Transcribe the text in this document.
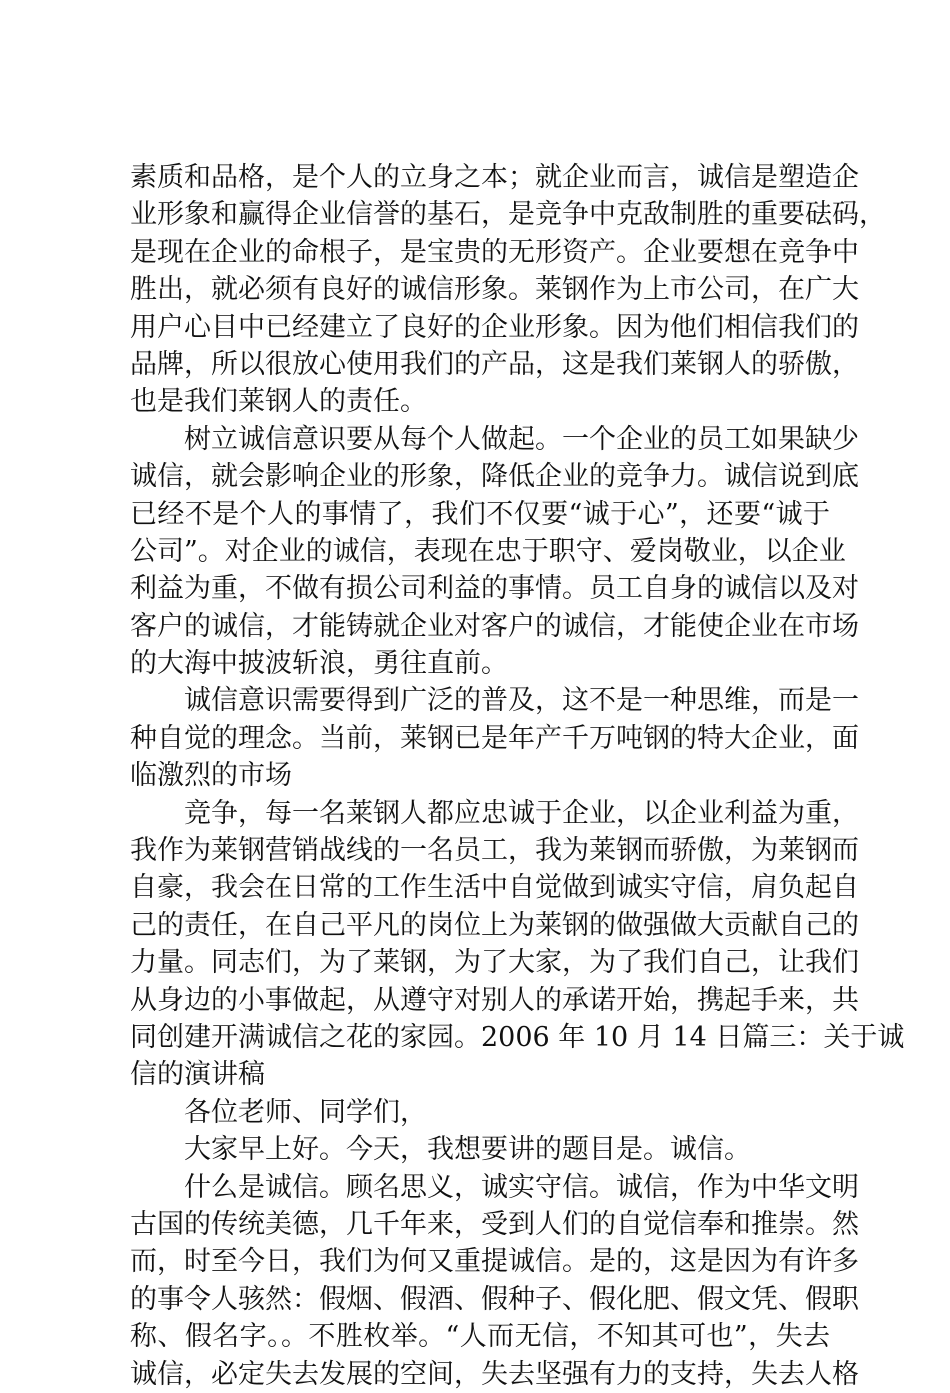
素质和品格，是个人的立身之本；就企业而言，诚信是塑造企
业形象和赢得企业信誉的基石，是竞争中克敌制胜的重要砝码，
是现在企业的命根子，是宝贵的无形资产。企业要想在竞争中
胜出，就必须有良好的诚信形象。莱钢作为上市公司，在广大
用户心目中已经建立了良好的企业形象。因为他们相信我们的
品牌，所以很放心使用我们的产品，这是我们莱钢人的骄傲，
也是我们莱钢人的责任。
树立诚信意识要从每个人做起。一个企业的员工如果缺少
诚信，就会影响企业的形象，降低企业的竞争力。诚信说到底
已经不是个人的事情了，我们不仅要“诚于心”，还要“诚于
公司”。对企业的诚信，表现在忠于职守、爱岗敬业，以企业
利益为重，不做有损公司利益的事情。员工自身的诚信以及对
客户的诚信，才能铸就企业对客户的诚信，才能使企业在市场
的大海中披波斩浪，勇往直前。
诚信意识需要得到广泛的普及，这不是一种思维，而是一
种自觉的理念。当前，莱钢已是年产千万吨钢的特大企业，面
临激烈的市场
竞争，每一名莱钢人都应忠诚于企业，以企业利益为重，
我作为莱钢营销战线的一名员工，我为莱钢而骄傲，为莱钢而
自豪，我会在日常的工作生活中自觉做到诚实守信，肩负起自
己的责任，在自己平凡的岗位上为莱钢的做强做大贡献自己的
力量。同志们，为了莱钢，为了大家，为了我们自己，让我们
从身边的小事做起，从遵守对别人的承诺开始，携起手来，共
同创建开满诚信之花的家园。2006 年 10 月 14 日篇三：关于诚
信的演讲稿
各位老师、同学们，
大家早上好。今天，我想要讲的题目是。诚信。
什么是诚信。顾名思义，诚实守信。诚信，作为中华文明
古国的传统美德，几千年来，受到人们的自觉信奉和推崇。然
而，时至今日，我们为何又重提诚信。是的，这是因为有许多
的事令人骇然：假烟、假酒、假种子、假化肥、假文凭、假职
称、假名字。。不胜枚举。“人而无信，不知其可也”，失去
诚信，必定失去发展的空间，失去坚强有力的支持，失去人格
